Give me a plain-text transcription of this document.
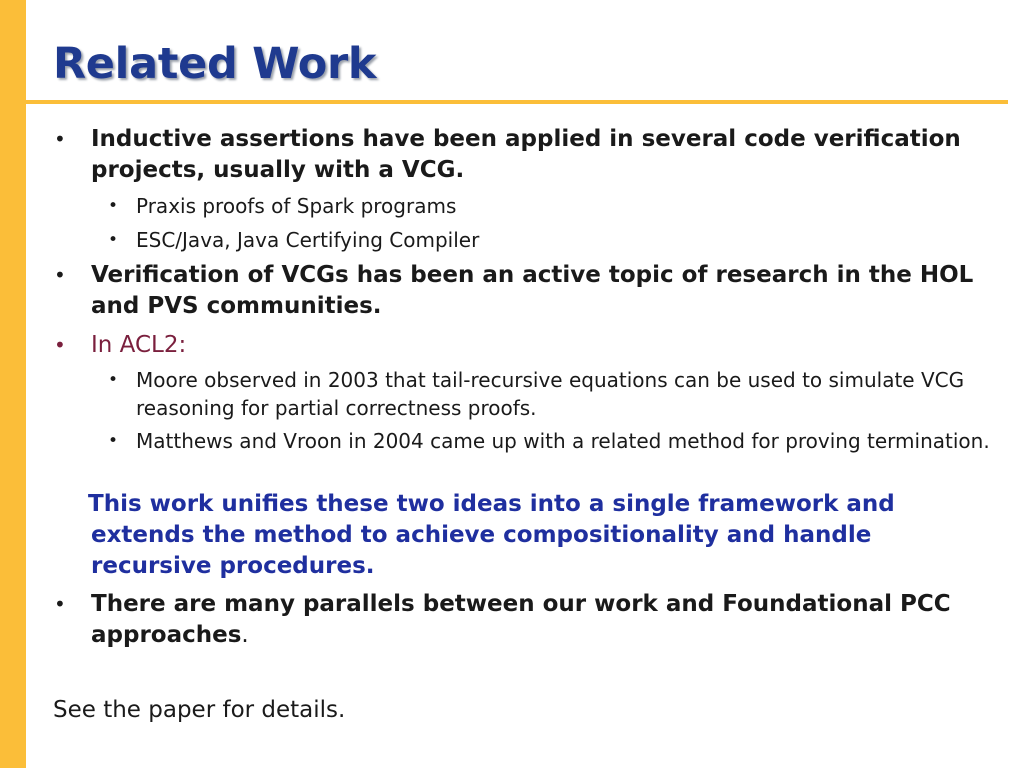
Related Work
• Inductive assertions have been applied in several code verification projects, usually with a VCG.
• Praxis proofs of Spark programs
• ESC/Java, Java Certifying Compiler
• Verification of VCGs has been an active topic of research in the HOL and PVS communities.
• In ACL2:
• Moore observed in 2003 that tail-recursive equations can be used to simulate VCG reasoning for partial correctness proofs.
• Matthews and Vroon in 2004 came up with a related method for proving termination.
This work unifies these two ideas into a single framework and extends the method to achieve compositionality and handle recursive procedures.
• There are many parallels between our work and Foundational PCC approaches.
See the paper for details.
